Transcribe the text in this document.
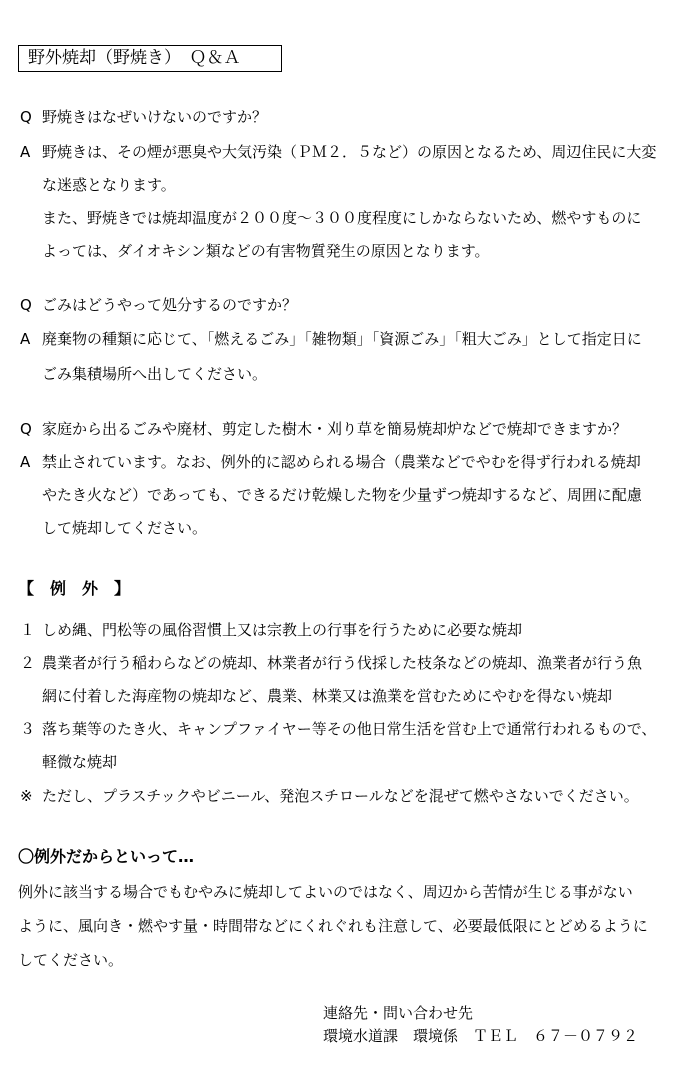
野外焼却（野焼き）　Ｑ＆Ａ
Q 野焼きはなぜいけないのですか？
A 野焼きは、その煙が悪臭や大気汚染（ＰＭ２．５など）の原因となるため、周辺住民に大変
な迷惑となります。
また、野焼きでは焼却温度が２００度～３００度程度にしかならないため、燃やすものに
よっては、ダイオキシン類などの有害物質発生の原因となります。
Q ごみはどうやって処分するのですか？
A 廃棄物の種類に応じて、「燃えるごみ」「雑物類」「資源ごみ」「粗大ごみ」として指定日に
ごみ集積場所へ出してください。
Q 家庭から出るごみや廃材、剪定した樹木・刈り草を簡易焼却炉などで焼却できますか？
A 禁止されています。なお、例外的に認められる場合（農業などでやむを得ず行われる焼却
やたき火など）であっても、できるだけ乾燥した物を少量ずつ焼却するなど、周囲に配慮
して焼却してください。
【　例　外　】
１ しめ縄、門松等の風俗習慣上又は宗教上の行事を行うために必要な焼却
２ 農業者が行う稲わらなどの焼却、林業者が行う伐採した枝条などの焼却、漁業者が行う魚
網に付着した海産物の焼却など、農業、林業又は漁業を営むためにやむを得ない焼却
３ 落ち葉等のたき火、キャンプファイヤー等その他日常生活を営む上で通常行われるもので、
軽微な焼却
※ ただし、プラスチックやビニール、発泡スチロールなどを混ぜて燃やさないでください。
〇例外だからといって…
例外に該当する場合でもむやみに焼却してよいのではなく、周辺から苦情が生じる事がない
ように、風向き・燃やす量・時間帯などにくれぐれも注意して、必要最低限にとどめるように
してください。
連絡先・問い合わせ先
環境水道課　環境係　ＴＥＬ　６７－０７９２
